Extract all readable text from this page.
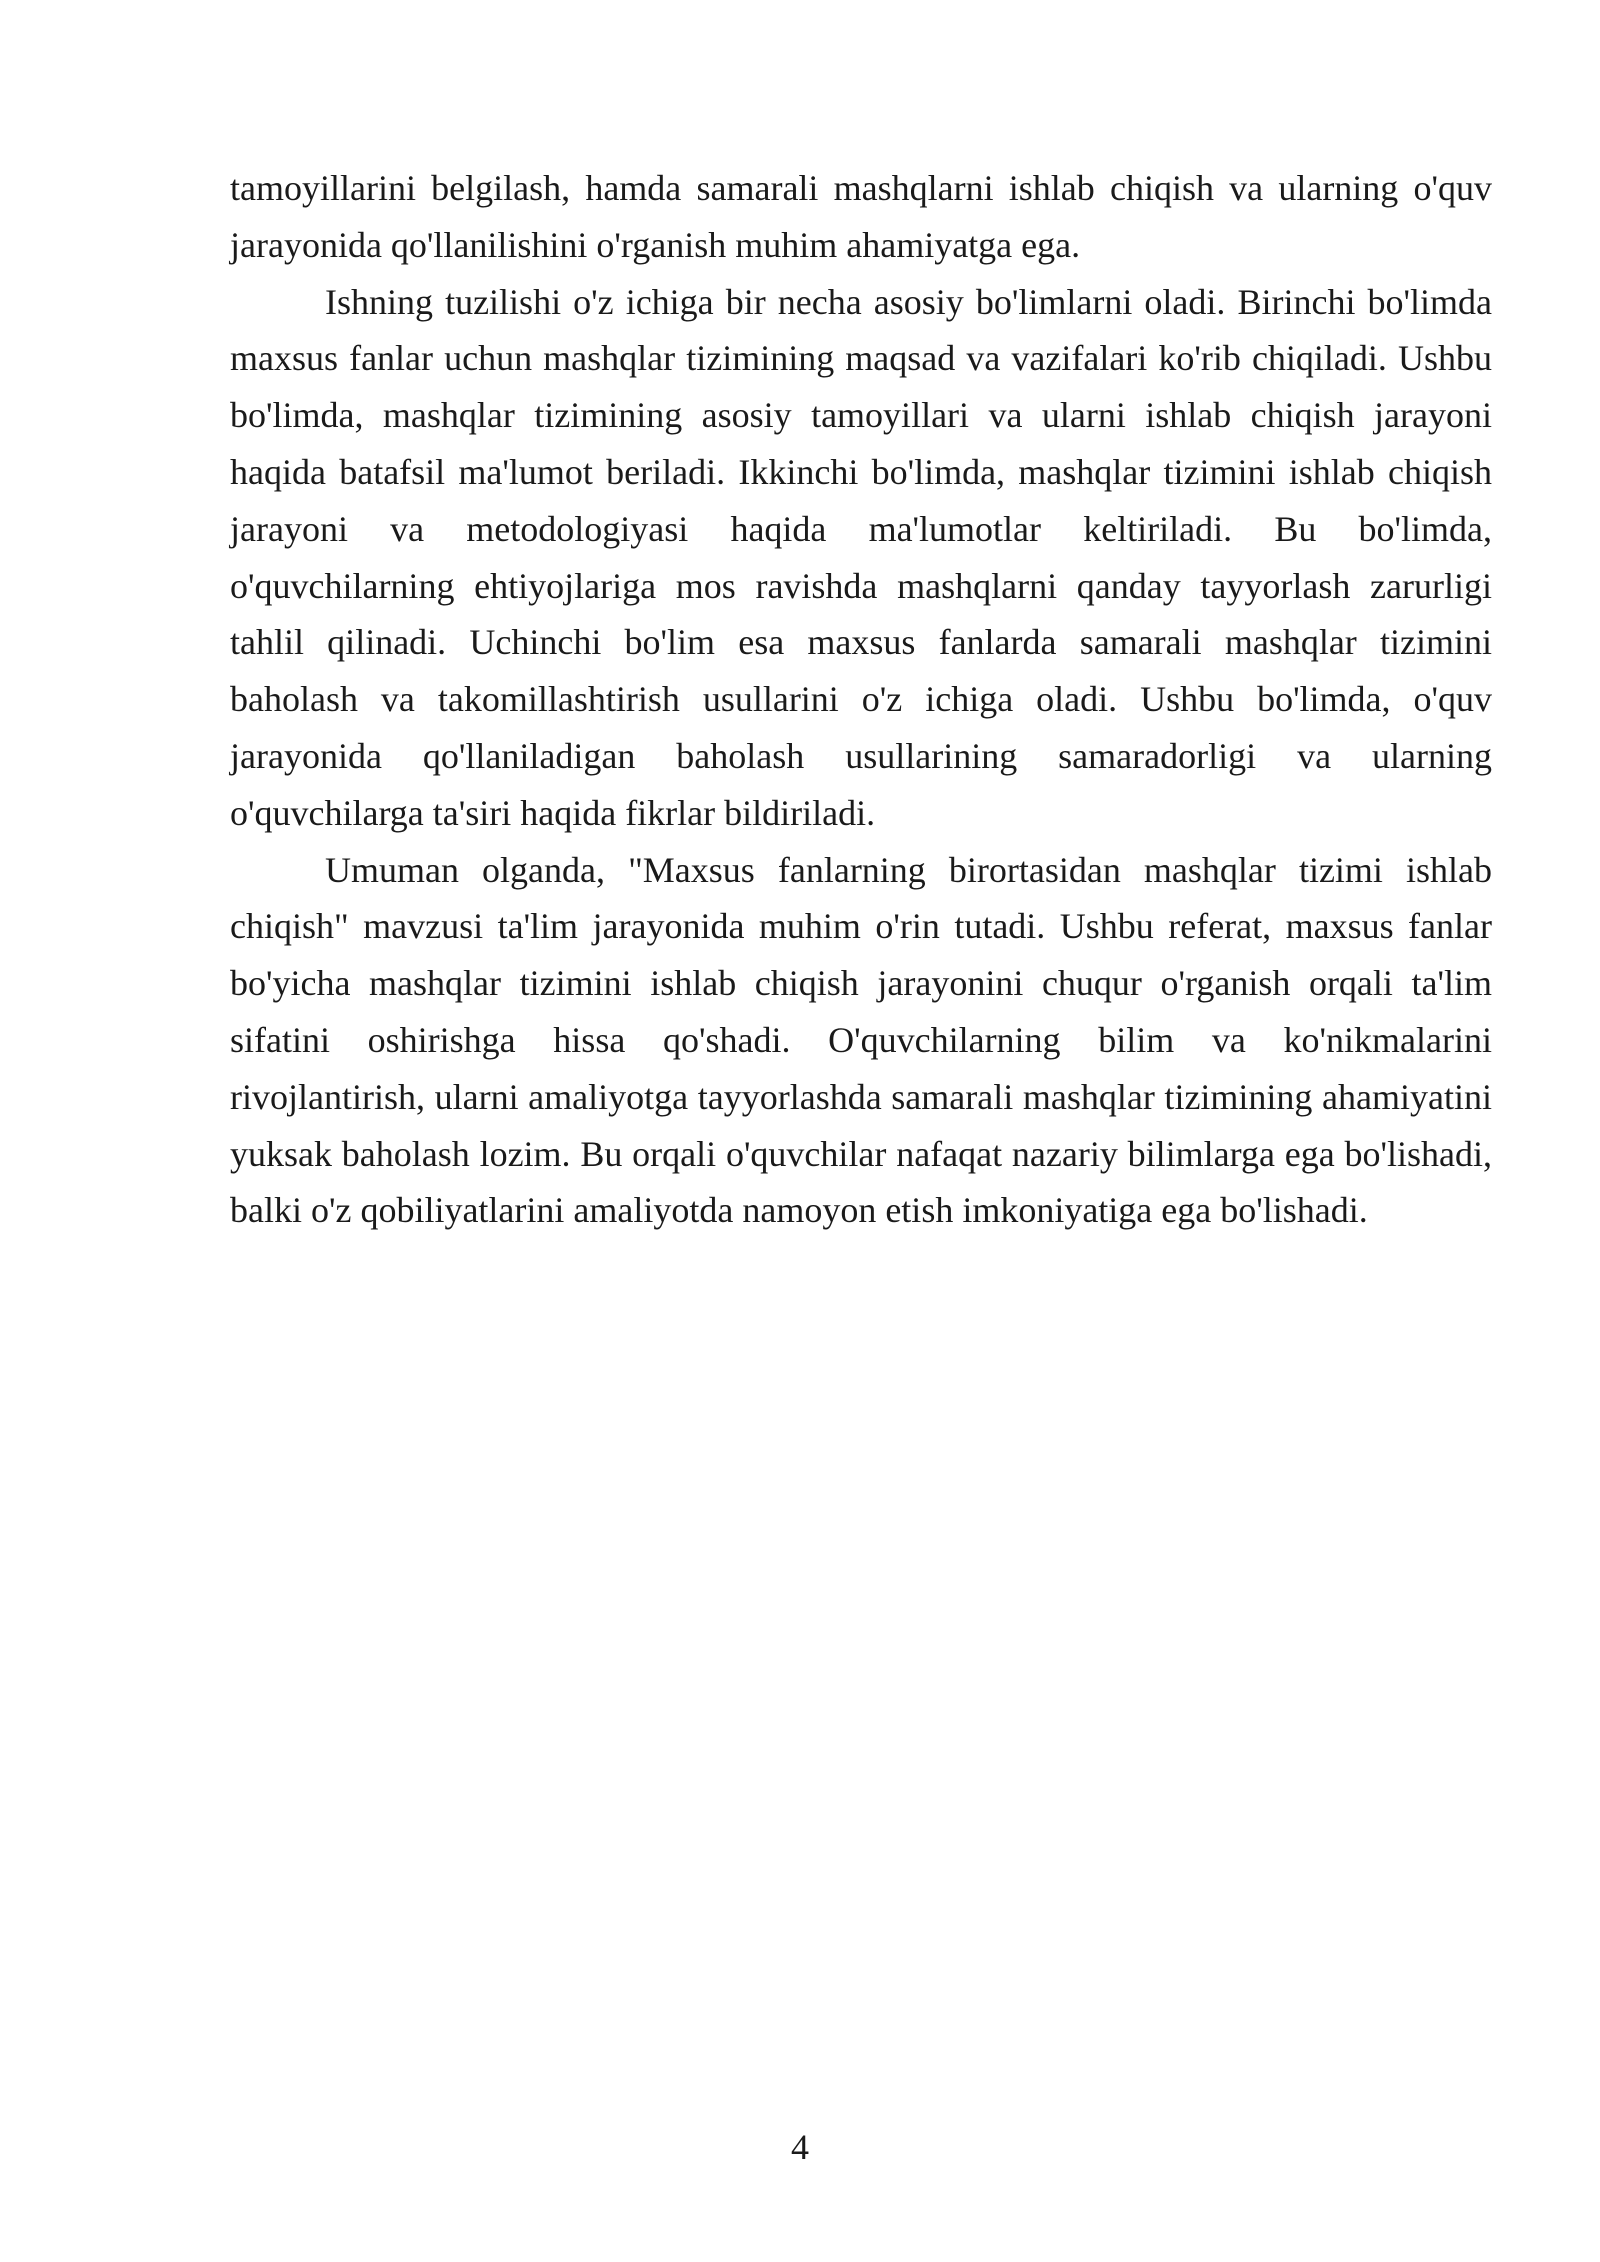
tamoyillarini belgilash, hamda samarali mashqlarni ishlab chiqish va ularning o'quv jarayonida qo'llanilishini o'rganish muhim ahamiyatga ega.

Ishning tuzilishi o'z ichiga bir necha asosiy bo'limlarni oladi. Birinchi bo'limda maxsus fanlar uchun mashqlar tizimining maqsad va vazifalari ko'rib chiqiladi. Ushbu bo'limda, mashqlar tizimining asosiy tamoyillari va ularni ishlab chiqish jarayoni haqida batafsil ma'lumot beriladi. Ikkinchi bo'limda, mashqlar tizimini ishlab chiqish jarayoni va metodologiyasi haqida ma'lumotlar keltiriladi. Bu bo'limda, o'quvchilarning ehtiyojlariga mos ravishda mashqlarni qanday tayyorlash zarurligi tahlil qilinadi. Uchinchi bo'lim esa maxsus fanlarda samarali mashqlar tizimini baholash va takomillashtirish usullarini o'z ichiga oladi. Ushbu bo'limda, o'quv jarayonida qo'llaniladigan baholash usullarining samaradorligi va ularning o'quvchilarga ta'siri haqida fikrlar bildiriladi.

Umuman olganda, "Maxsus fanlarning birortasidan mashqlar tizimi ishlab chiqish" mavzusi ta'lim jarayonida muhim o'rin tutadi. Ushbu referat, maxsus fanlar bo'yicha mashqlar tizimini ishlab chiqish jarayonini chuqur o'rganish orqali ta'lim sifatini oshirishga hissa qo'shadi. O'quvchilarning bilim va ko'nikmalarini rivojlantirish, ularni amaliyotga tayyorlashda samarali mashqlar tizimining ahamiyatini yuksak baholash lozim. Bu orqali o'quvchilar nafaqat nazariy bilimlarga ega bo'lishadi, balki o'z qobiliyatlarini amaliyotda namoyon etish imkoniyatiga ega bo'lishadi.

4
